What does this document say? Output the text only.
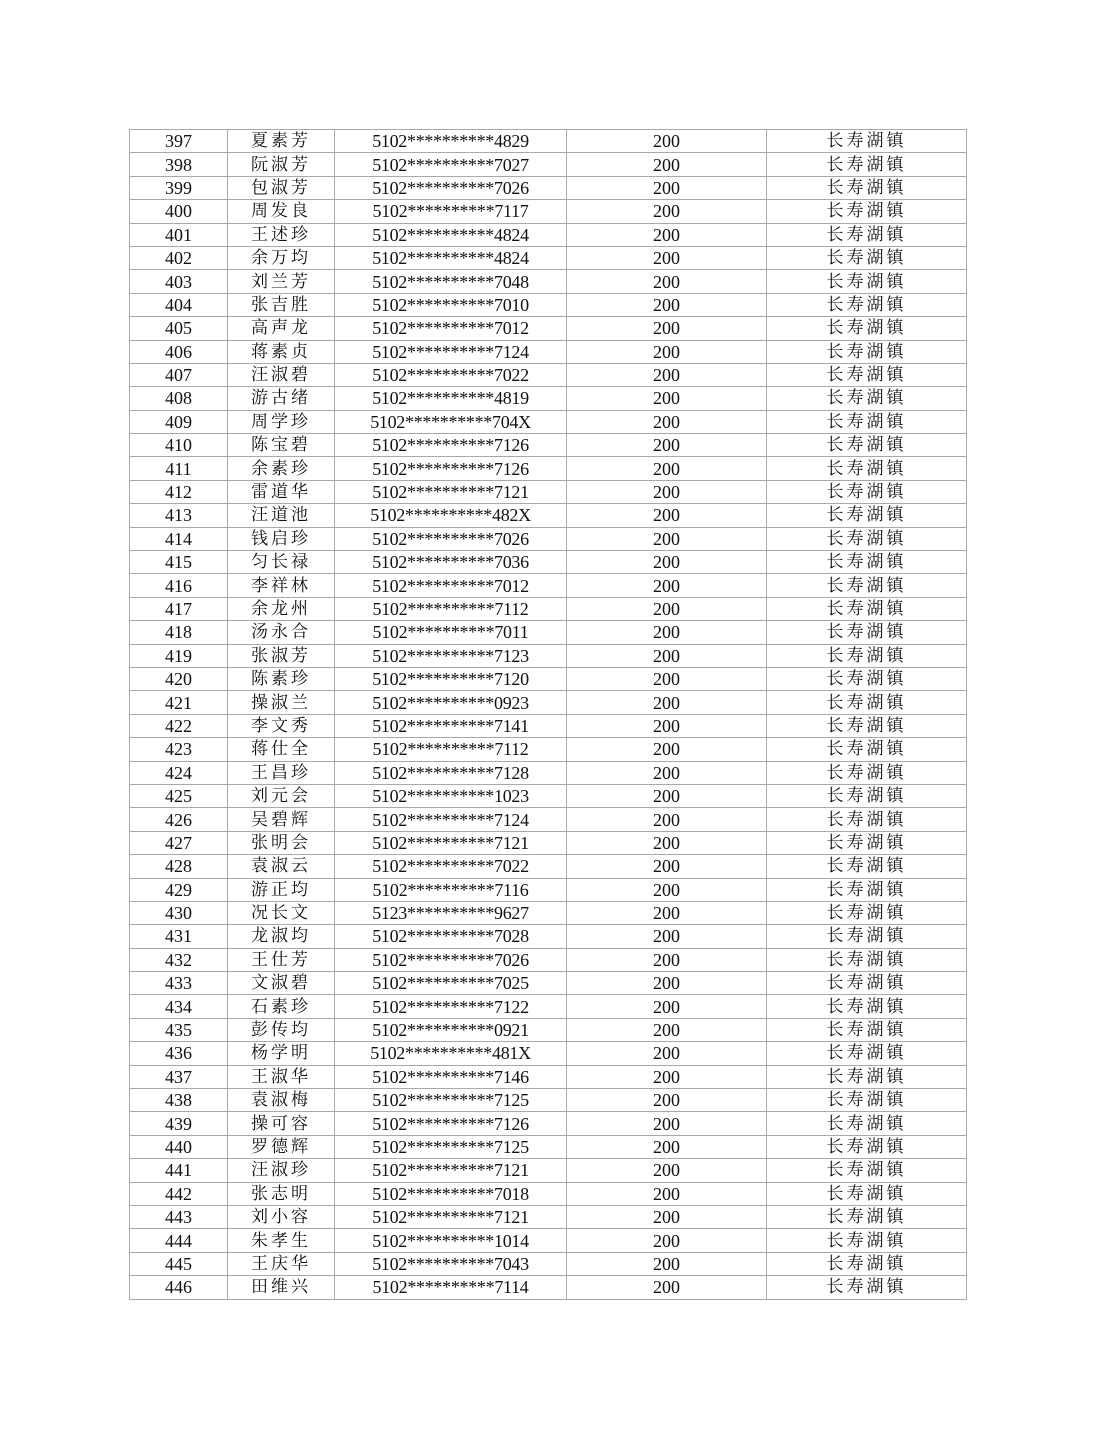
397	夏素芳	5102**********4829	200	长寿湖镇
398	阮淑芳	5102**********7027	200	长寿湖镇
399	包淑芳	5102**********7026	200	长寿湖镇
400	周发良	5102**********7117	200	长寿湖镇
401	王述珍	5102**********4824	200	长寿湖镇
402	余万均	5102**********4824	200	长寿湖镇
403	刘兰芳	5102**********7048	200	长寿湖镇
404	张吉胜	5102**********7010	200	长寿湖镇
405	高声龙	5102**********7012	200	长寿湖镇
406	蒋素贞	5102**********7124	200	长寿湖镇
407	汪淑碧	5102**********7022	200	长寿湖镇
408	游古绪	5102**********4819	200	长寿湖镇
409	周学珍	5102**********704X	200	长寿湖镇
410	陈宝碧	5102**********7126	200	长寿湖镇
411	余素珍	5102**********7126	200	长寿湖镇
412	雷道华	5102**********7121	200	长寿湖镇
413	汪道池	5102**********482X	200	长寿湖镇
414	钱启珍	5102**********7026	200	长寿湖镇
415	匀长禄	5102**********7036	200	长寿湖镇
416	李祥林	5102**********7012	200	长寿湖镇
417	余龙州	5102**********7112	200	长寿湖镇
418	汤永合	5102**********7011	200	长寿湖镇
419	张淑芳	5102**********7123	200	长寿湖镇
420	陈素珍	5102**********7120	200	长寿湖镇
421	操淑兰	5102**********0923	200	长寿湖镇
422	李文秀	5102**********7141	200	长寿湖镇
423	蒋仕全	5102**********7112	200	长寿湖镇
424	王昌珍	5102**********7128	200	长寿湖镇
425	刘元会	5102**********1023	200	长寿湖镇
426	吴碧辉	5102**********7124	200	长寿湖镇
427	张明会	5102**********7121	200	长寿湖镇
428	袁淑云	5102**********7022	200	长寿湖镇
429	游正均	5102**********7116	200	长寿湖镇
430	况长文	5123**********9627	200	长寿湖镇
431	龙淑均	5102**********7028	200	长寿湖镇
432	王仕芳	5102**********7026	200	长寿湖镇
433	文淑碧	5102**********7025	200	长寿湖镇
434	石素珍	5102**********7122	200	长寿湖镇
435	彭传均	5102**********0921	200	长寿湖镇
436	杨学明	5102**********481X	200	长寿湖镇
437	王淑华	5102**********7146	200	长寿湖镇
438	袁淑梅	5102**********7125	200	长寿湖镇
439	操可容	5102**********7126	200	长寿湖镇
440	罗德辉	5102**********7125	200	长寿湖镇
441	汪淑珍	5102**********7121	200	长寿湖镇
442	张志明	5102**********7018	200	长寿湖镇
443	刘小容	5102**********7121	200	长寿湖镇
444	朱孝生	5102**********1014	200	长寿湖镇
445	王庆华	5102**********7043	200	长寿湖镇
446	田维兴	5102**********7114	200	长寿湖镇
